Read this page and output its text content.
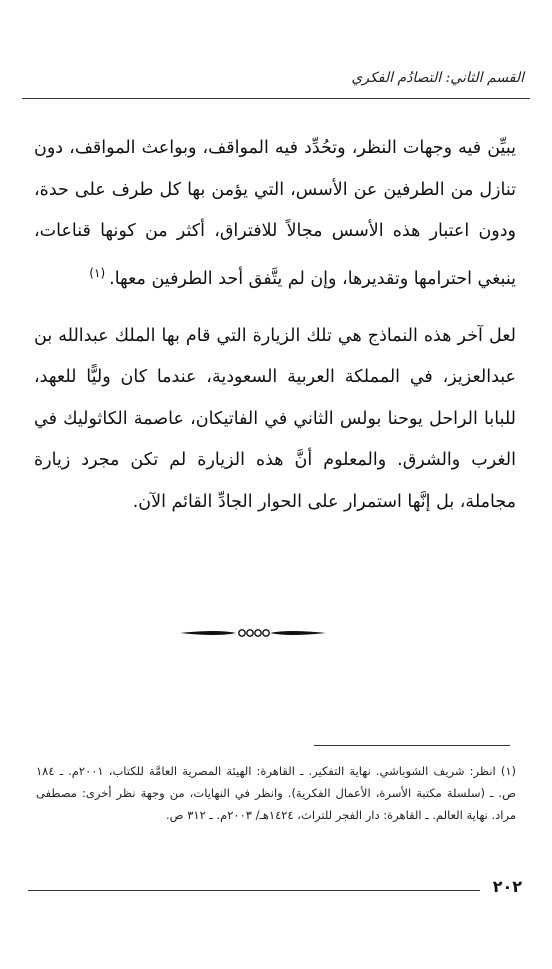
القسم الثاني: التصادُم الفكري

يبيِّن فيه وجهات النظر، وتحُدِّد فيه المواقف، وبواعث المواقف، دون تنازل من الطرفين عن الأسس، التي يؤمن بها كل طرف على حدة، ودون اعتبار هذه الأسس مجالاً للافتراق، أكثر من كونها قناعات، ينبغي احترامها وتقديرها، وإن لم يتَّفق أحد الطرفين معها.$^{(١)}$

لعل آخر هذه النماذج هي تلك الزيارة التي قام بها الملك عبدالله بن عبدالعزيز، في المملكة العربية السعودية، عندما كان وليًّا للعهد، للبابا الراحل يوحنا بولس الثاني في الفاتيكان، عاصمة الكاثوليك في الغرب والشرق. والمعلوم أنَّ هذه الزيارة لم تكن مجرد زيارة مجاملة، بل إنَّها استمرار على الحوار الجادِّ القائم الآن.

(١) انظر: شريف الشوباشي. نهاية التفكير. ـ القاهرة: الهيئة المصرية العامَّة للكتاب، ٢٠٠١م. ـ ١٨٤ ص. ـ (سلسلة مكتبة الأسرة، الأعمال الفكرية). وانظر في النهايات، من وجهة نظر أخرى: مصطفى مراد. نهاية العالم. ـ القاهرة: دار الفجر للتراث، ١٤٢٤هـ/ ٢٠٠٣م. ـ ٣١٢ ص.

٢٠٢
